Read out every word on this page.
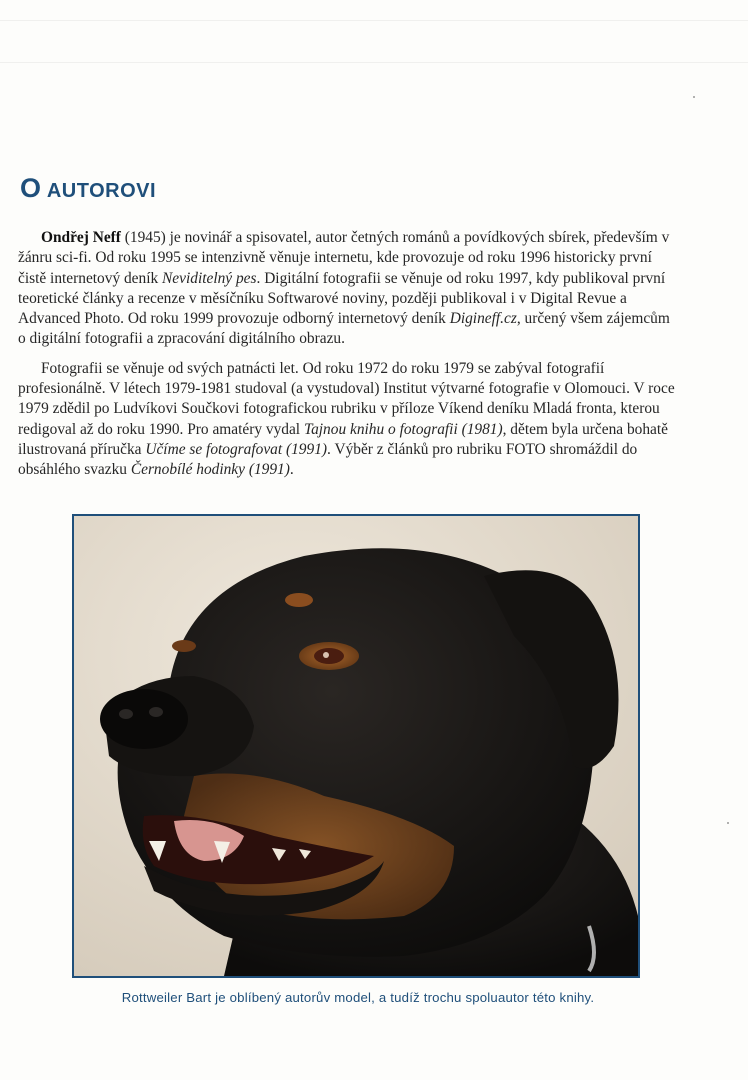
O AUTOROVI

Ondřej Neff (1945) je novinář a spisovatel, autor četných románů a povídkových sbírek, především v žánru sci-fi. Od roku 1995 se intenzivně věnuje internetu, kde provozuje od roku 1996 historicky první čistě internetový deník Neviditelný pes. Digitální fotografii se věnuje od roku 1997, kdy publikoval první teoretické články a recenze v měsíčníku Softwarové noviny, později publikoval i v Digital Revue a Advanced Photo. Od roku 1999 provozuje odborný internetový deník Digineff.cz, určený všem zájemcům o digitální fotografii a zpracování digitálního obrazu.

Fotografii se věnuje od svých patnácti let. Od roku 1972 do roku 1979 se zabýval fotografií profesionálně. V létech 1979-1981 studoval (a vystudoval) Institut výtvarné fotografie v Olomouci. V roce 1979 zdědil po Ludvíkovi Součkovi fotografickou rubriku v příloze Víkend deníku Mladá fronta, kterou redigoval až do roku 1990. Pro amatéry vydal Tajnou knihu o fotografii (1981), dětem byla určena bohatě ilustrovaná příručka Učíme se fotografovat (1991). Výběr z článků pro rubriku FOTO shromáždil do obsáhlého svazku Černobílé hodinky (1991).

Rottweiler Bart je oblíbený autorův model, a tudíž trochu spoluautor této knihy.
